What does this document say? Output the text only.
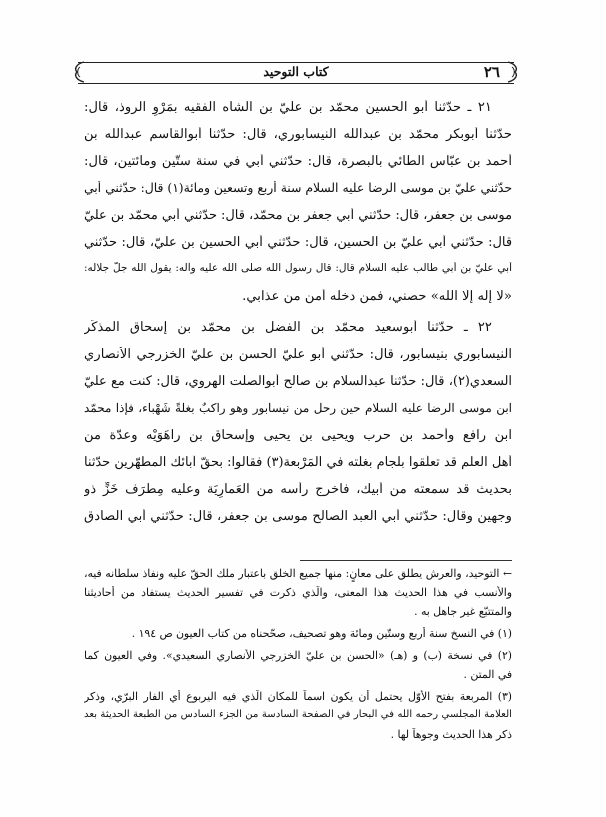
٢٦
كتاب التوحيد
٢١ ـ حدّثنا أبو الحسين محمّد بن عليّ بن الشاه الفقيه بمَرْوِ الروذ، قال:
حدّثنا أبوبكر محمّد بن عبدالله النيسابوري، قال: حدّثنا أبوالقاسم عبدالله بن
أحمد بن عبّاس الطائي بالبصرة، قال: حدّثني أبي في سنة ستّين ومائتين، قال:
حدّثني عليّ بن موسى الرضا عليه السلام سنة أربع وتسعين ومائة(١) قال: حدّثني أبي
موسى بن جعفر، قال: حدّثني أبي جعفر بن محمّد، قال: حدّثني أبي محمّد بن عليّ
قال: حدّثني أبي عليّ بن الحسين، قال: حدّثني أبي الحسين بن عليّ، قال: حدّثني
أبي عليّ بن أبي طالب عليه السلام قال: قال رسول الله صلى الله عليه وآله: يقول الله جلّ جلاله:
«لا إله إلّا الله» حصني، فمن دخله أمن من عذابي.
٢٢ ـ حدّثنا أبوسعيد محمّد بن الفضل بن محمّد بن إسحاق المذكّر
النيسابوري بنيسابور، قال: حدّثني أبو عليّ الحسن بن عليّ الخزرجي الأنصاري
السعدي(٢)، قال: حدّثنا عبدالسلام بن صالح أبوالصلت الهروي، قال: كنت مع عليّ
ابن موسى الرضا عليه السلام حين رحل من نيسابور وهو راكبٌ بغلةً شَهْباء، فإذا محمّد
ابن رافع وأحمد بن حرب ويحيى بن يحيى وإسحاق بن راهَوَيْه وعدّة من
أهل العلم قد تعلّقوا بلجام بغلته في المَرْبعة(٣) فقالوا: بحقّ آبائك المطهّرين حدّثنا
بحديث قد سمعته من أبيك، فأخرج رأسه من العَمارِيَة وعليه مِطْرَف خَزٍّ ذو
وجهين وقال: حدّثني أبي العبد الصالح موسى بن جعفر، قال: حدّثني أبي الصادق
← التوحيد، والعرش يطلق على معانٍ: منها جميع الخلق باعتبار ملك الحقّ عليه ونفاذ سلطانه فيه،
والأنسب في هذا الحديث هذا المعنى، والّذي ذكرت في تفسير الحديث يستفاد من أحاديثنا
والمتتبّع غير جاهل به .
(١) في النسخ سنة أربع وستّين ومائة وهو تصحيف، صحّحناه من كتاب العيون ص ١٩٤ .
(٢) في نسخة (ب) و (هـ) «الحسن بن عليّ الخزرجي الأنصاري السعيدي». وفي العيون كما
في المتن .
(٣) المربعة بفتح الأوّل يحتمل أن يكون اسماً للمكان الّذي فيه اليربوع أي الفار البرّي، وذكر
العلّامة المجلسي رحمه الله في البحار في الصفحة السادسة من الجزء السادس من الطبعة الحديثة بعد
ذكر هذا الحديث وجوهاً لها .
